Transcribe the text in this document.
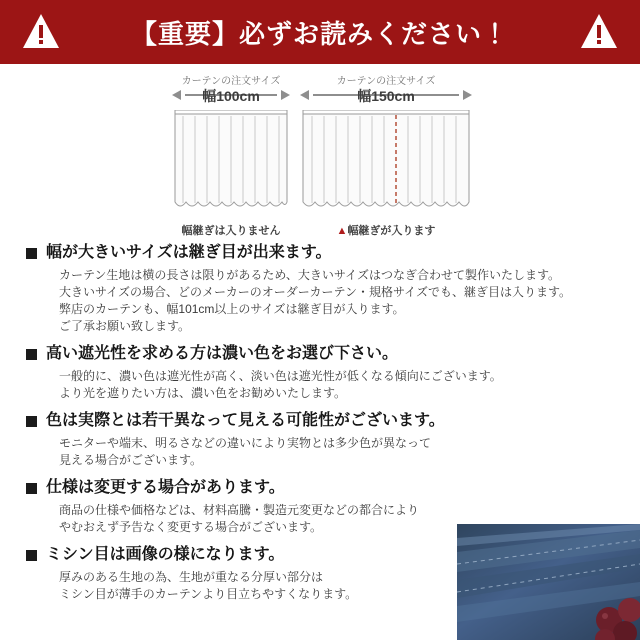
【重要】必ずお読みください！
カーテンの注文サイズ
幅100cm
幅継ぎは入りません
カーテンの注文サイズ
幅150cm
▲幅継ぎが入ります
幅が大きいサイズは継ぎ目が出来ます。
カーテン生地は横の長さは限りがあるため、大きいサイズはつなぎ合わせて製作いたします。
大きいサイズの場合、どのメーカーのオーダーカーテン・規格サイズでも、継ぎ目は入ります。
弊店のカーテンも、幅101cm以上のサイズは継ぎ目が入ります。
ご了承お願い致します。
高い遮光性を求める方は濃い色をお選び下さい。
一般的に、濃い色は遮光性が高く、淡い色は遮光性が低くなる傾向にございます。
より光を遮りたい方は、濃い色をお勧めいたします。
色は実際とは若干異なって見える可能性がございます。
モニターや端末、明るさなどの違いにより実物とは多少色が異なって
見える場合がございます。
仕様は変更する場合があります。
商品の仕様や価格などは、材料高騰・製造元変更などの都合により
やむおえず予告なく変更する場合がございます。
ミシン目は画像の様になります。
厚みのある生地の為、生地が重なる分厚い部分は
ミシン目が薄手のカーテンより目立ちやすくなります。
